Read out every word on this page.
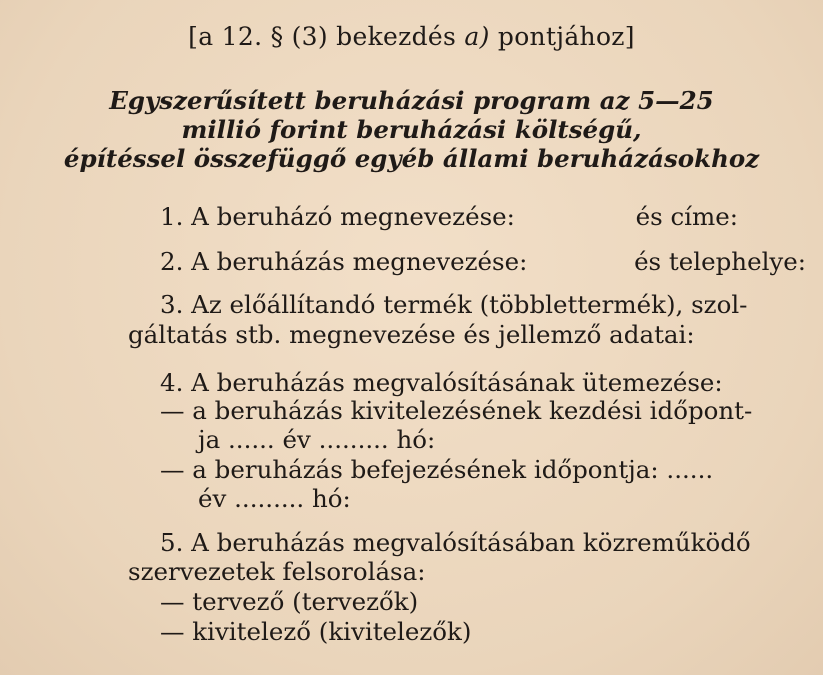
[a 12. § (3) bekezdés a) pontjához]
Egyszerűsített beruházási program az 5—25
millió forint beruházási költségű,
építéssel összefüggő egyéb állami beruházásokhoz
1. A beruházó megnevezése:	és címe:
2. A beruházás megnevezése:	és telephelye:
3. Az előállítandó termék (többlettermék), szol-
gáltatás stb. megnevezése és jellemző adatai:
4. A beruházás megvalósításának ütemezése:
— a beruházás kivitelezésének kezdési időpont-
ja ...... év ......... hó:
— a beruházás befejezésének időpontja: ......
év ......... hó:
5. A beruházás megvalósításában közreműködő
szervezetek felsorolása:
— tervező (tervezők)
— kivitelező (kivitelezők)
